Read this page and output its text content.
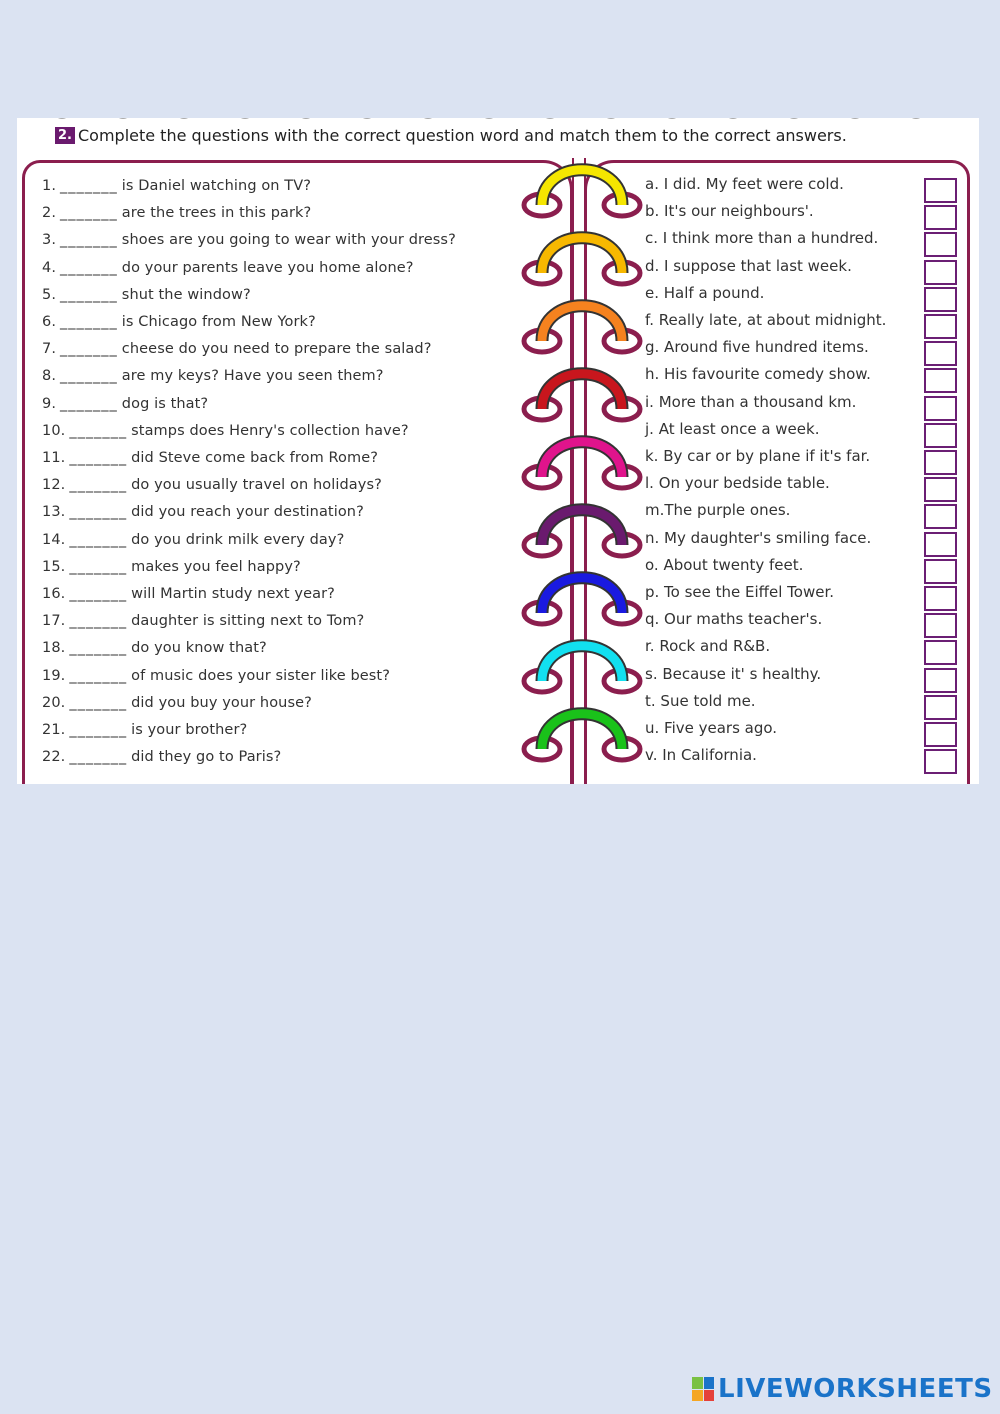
2. Complete the questions with the correct question word and match them to the correct answers.
1. _______ is Daniel watching on TV?
2. _______ are the trees in this park?
3. _______ shoes are you going to wear with your dress?
4. _______ do your parents leave you home alone?
5. _______ shut the window?
6. _______ is Chicago from New York?
7. _______ cheese do you need to prepare the salad?
8. _______ are my keys? Have you seen them?
9. _______ dog is that?
10. _______ stamps does Henry's collection have?
11. _______ did Steve come back from Rome?
12. _______ do you usually travel on holidays?
13. _______ did you reach your destination?
14. _______ do you drink milk every day?
15. _______ makes you feel happy?
16. _______ will Martin study next year?
17. _______ daughter is sitting next to Tom?
18. _______ do you know that?
19. _______ of music does your sister like best?
20. _______ did you buy your house?
21. _______ is your brother?
22. _______ did they go to Paris?
a. I did. My feet were cold.
b. It's our neighbours'.
c. I think more than a hundred.
d. I suppose that last week.
e. Half a pound.
f. Really late, at about midnight.
g. Around five hundred items.
h. His favourite comedy show.
i. More than a thousand km.
j. At least once a week.
k. By car or by plane if it's far.
l. On your bedside table.
m.The purple ones.
n. My daughter's smiling face.
o. About twenty feet.
p. To see the Eiffel Tower.
q. Our maths teacher's.
r. Rock and R&B.
s. Because it' s healthy.
t. Sue told me.
u. Five years ago.
v. In California.
LIVEWORKSHEETS
